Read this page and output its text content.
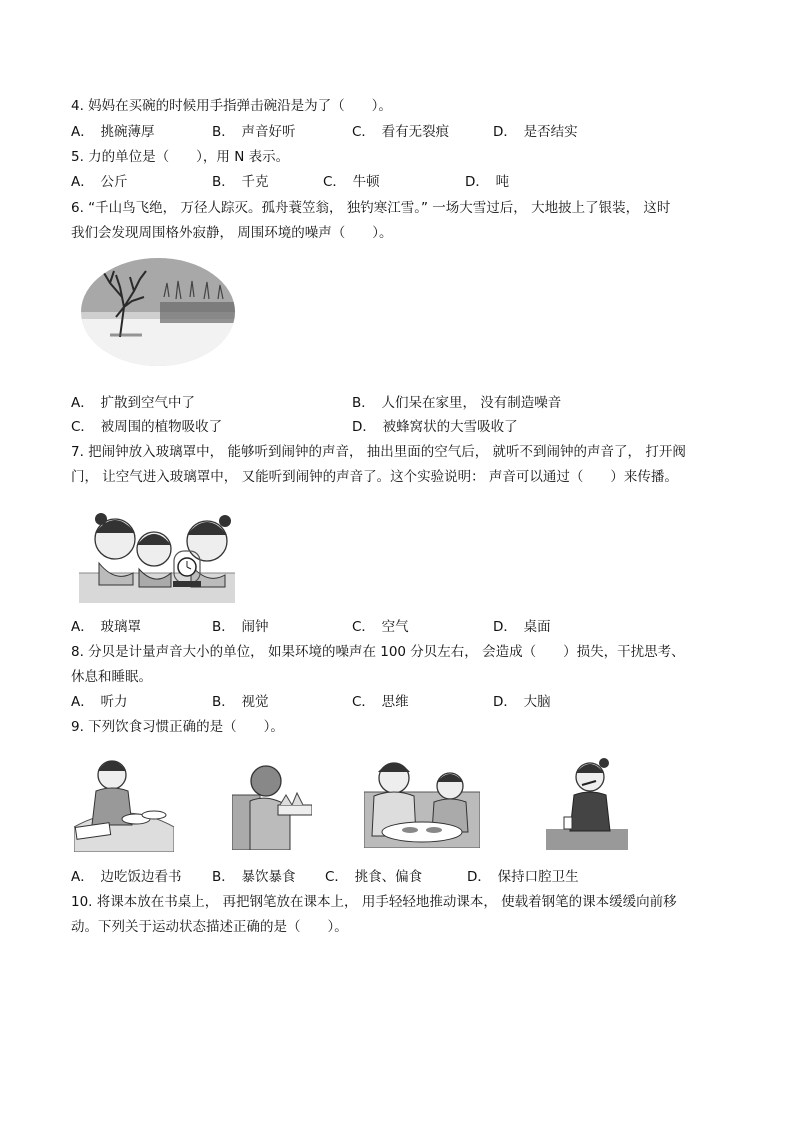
4. 妈妈在买碗的时候用手指弹击碗沿是为了（　　）。
A．　挑碗薄厚	B．　声音好听	C．　看有无裂痕	D．　是否结实
5. 力的单位是（　　），用 N 表示。
A．　公斤	B．　千克	C．　牛顿	D．　吨
6. “千山鸟飞绝， 万径人踪灭。孤舟蓑笠翁， 独钓寒江雪。” 一场大雪过后， 大地披上了银装， 这时
我们会发现周围格外寂静， 周围环境的噪声（　　）。
A．　扩散到空气中了	B．　人们呆在家里， 没有制造噪音
C．　被周围的植物吸收了	D．　被蜂窝状的大雪吸收了
7. 把闹钟放入玻璃罩中， 能够听到闹钟的声音， 抽出里面的空气后， 就听不到闹钟的声音了， 打开阀
门， 让空气进入玻璃罩中， 又能听到闹钟的声音了。这个实验说明： 声音可以通过（　　）来传播。
A．　玻璃罩	B．　闹钟	C．　空气	D．　桌面
8. 分贝是计量声音大小的单位， 如果环境的噪声在 100 分贝左右， 会造成（　　）损失，干扰思考、
休息和睡眠。
A．　听力	B．　视觉	C．　思维	D．　大脑
9. 下列饮食习惯正确的是（　　）。
A．　边吃饭边看书 B．　暴饮暴食 C．　挑食、偏食	D．　保持口腔卫生
10. 将课本放在书桌上， 再把钢笔放在课本上， 用手轻轻地推动课本， 使载着钢笔的课本缓缓向前移
动。下列关于运动状态描述正确的是（　　）。
